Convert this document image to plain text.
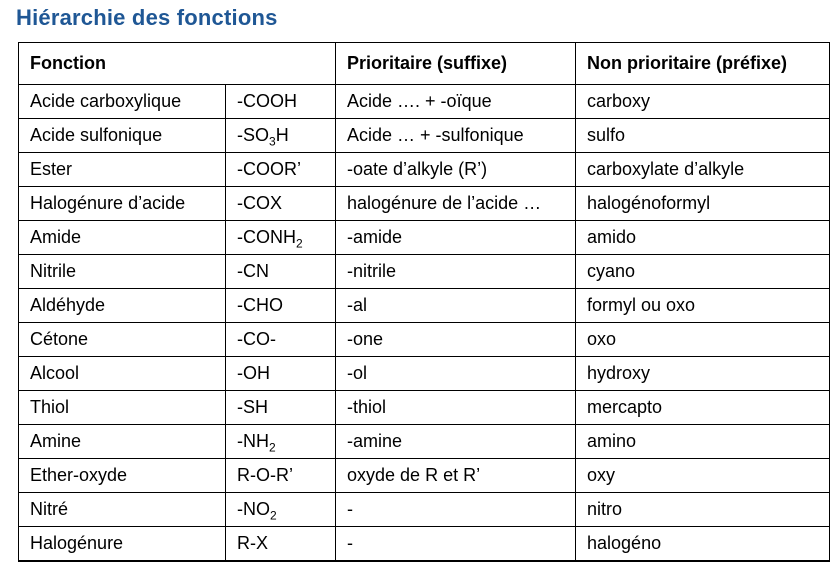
Hiérarchie des fonctions
Fonction		Prioritaire (suffixe)	Non prioritaire (préfixe)
Acide carboxylique	-COOH	Acide …. + -oïque	carboxy
Acide sulfonique	$-SO_3H$	Acide … + -sulfonique	sulfo
Ester	-COOR’	-oate d’alkyle (R’)	carboxylate d’alkyle
Halogénure d’acide	-COX	halogénure de l’acide …	halogénoformyl
Amide	$-CONH_2$	-amide	amido
Nitrile	-CN	-nitrile	cyano
Aldéhyde	-CHO	-al	formyl ou oxo
Cétone	-CO-	-one	oxo
Alcool	-OH	-ol	hydroxy
Thiol	-SH	-thiol	mercapto
Amine	$-NH_2$	-amine	amino
Ether-oxyde	R-O-R’	oxyde de R et R’	oxy
Nitré	$-NO_2$	-	nitro
Halogénure	R-X	-	halogéno
